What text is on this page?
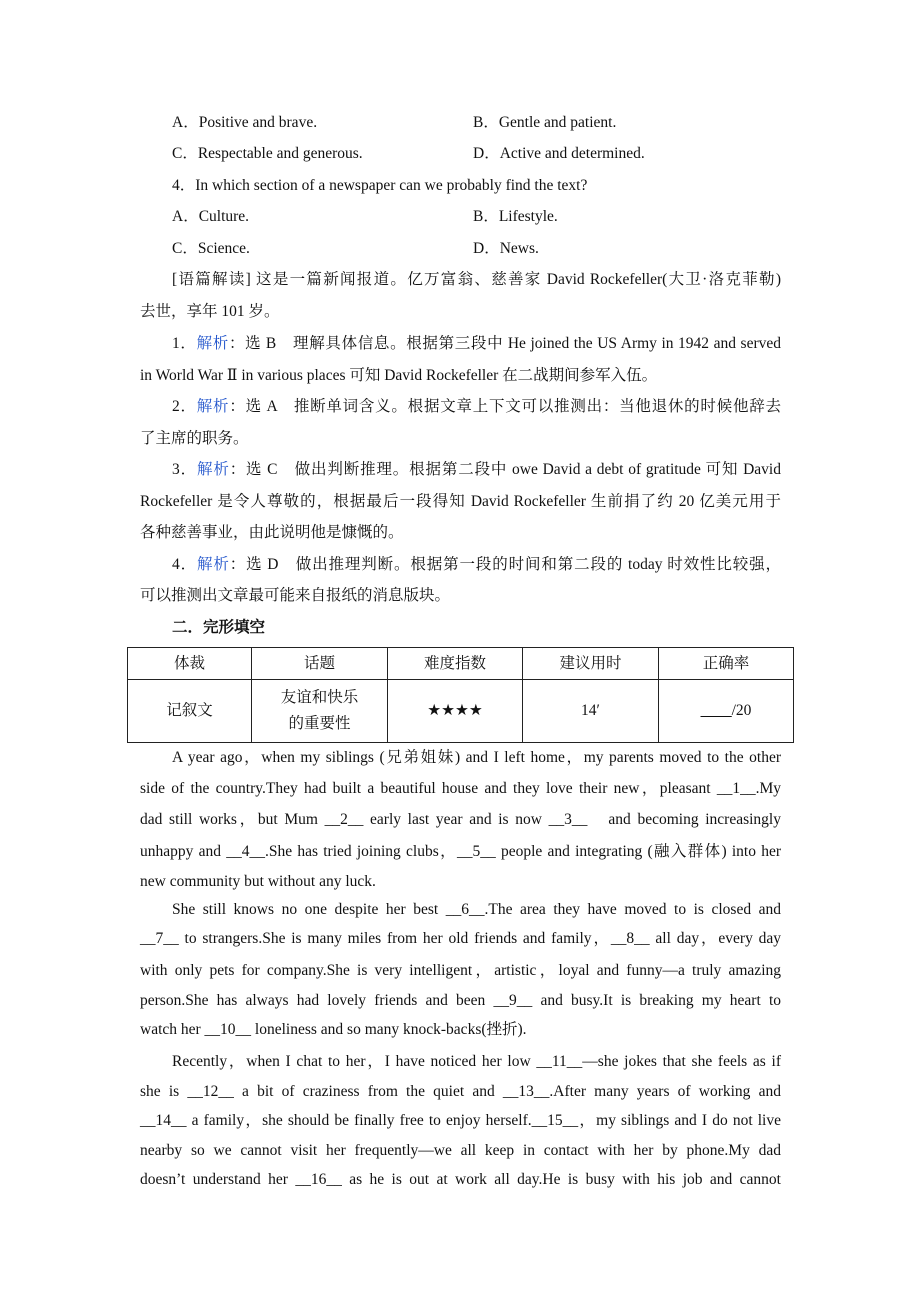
A．Positive and brave.	B．Gentle and patient.
C．Respectable and generous.	D．Active and determined.
4．In which section of a newspaper can we probably find the text?
A．Culture.	B．Lifestyle.
C．Science.	D．News.
[语篇解读] 这是一篇新闻报道。亿万富翁、慈善家 David Rockefeller(大卫·洛克菲勒)
去世，享年 101 岁。
1．解析：选 B　理解具体信息。根据第三段中 He joined the US Army in 1942 and served
in World War Ⅱ in various places 可知 David Rockefeller 在二战期间参军入伍。
2．解析：选 A　推断单词含义。根据文章上下文可以推测出：当他退休的时候他辞去
了主席的职务。
3．解析：选 C　做出判断推理。根据第二段中 owe David a debt of gratitude 可知 David
Rockefeller 是令人尊敬的，根据最后一段得知 David Rockefeller 生前捐了约 20 亿美元用于
各种慈善事业，由此说明他是慷慨的。
4．解析：选 D　做出推理判断。根据第一段的时间和第二段的 today 时效性比较强，
可以推测出文章最可能来自报纸的消息版块。
二．完形填空
体裁	话题	难度指数	建议用时	正确率
记叙文	友谊和快乐
的重要性	★★★★	14′	____/20
A year ago，when my siblings (兄弟姐妹) and I left home，my parents moved to the other
side of the country.They had built a beautiful house and they love their new，pleasant __1__.My
dad still works，but Mum __2__ early last year and is now __3__　and becoming increasingly
unhappy and __4__.She has tried joining clubs，__5__ people and integrating (融入群体) into her
new community but without any luck.
She still knows no one despite her best __6__.The area they have moved to is closed and
__7__ to strangers.She is many miles from her old friends and family，__8__ all day，every day
with only pets for company.She is very intelligent，artistic，loyal and funny—a truly amazing
person.She has always had lovely friends and been __9__ and busy.It is breaking my heart to
watch her __10__ loneliness and so many knock-backs(挫折).
Recently，when I chat to her，I have noticed her low __11__—she jokes that she feels as if
she is __12__ a bit of craziness from the quiet and __13__.After many years of working and
__14__ a family，she should be finally free to enjoy herself.__15__，my siblings and I do not live
nearby so we cannot visit her frequently—we all keep in contact with her by phone.My dad
doesn’t understand her __16__ as he is out at work all day.He is busy with his job and cannot
